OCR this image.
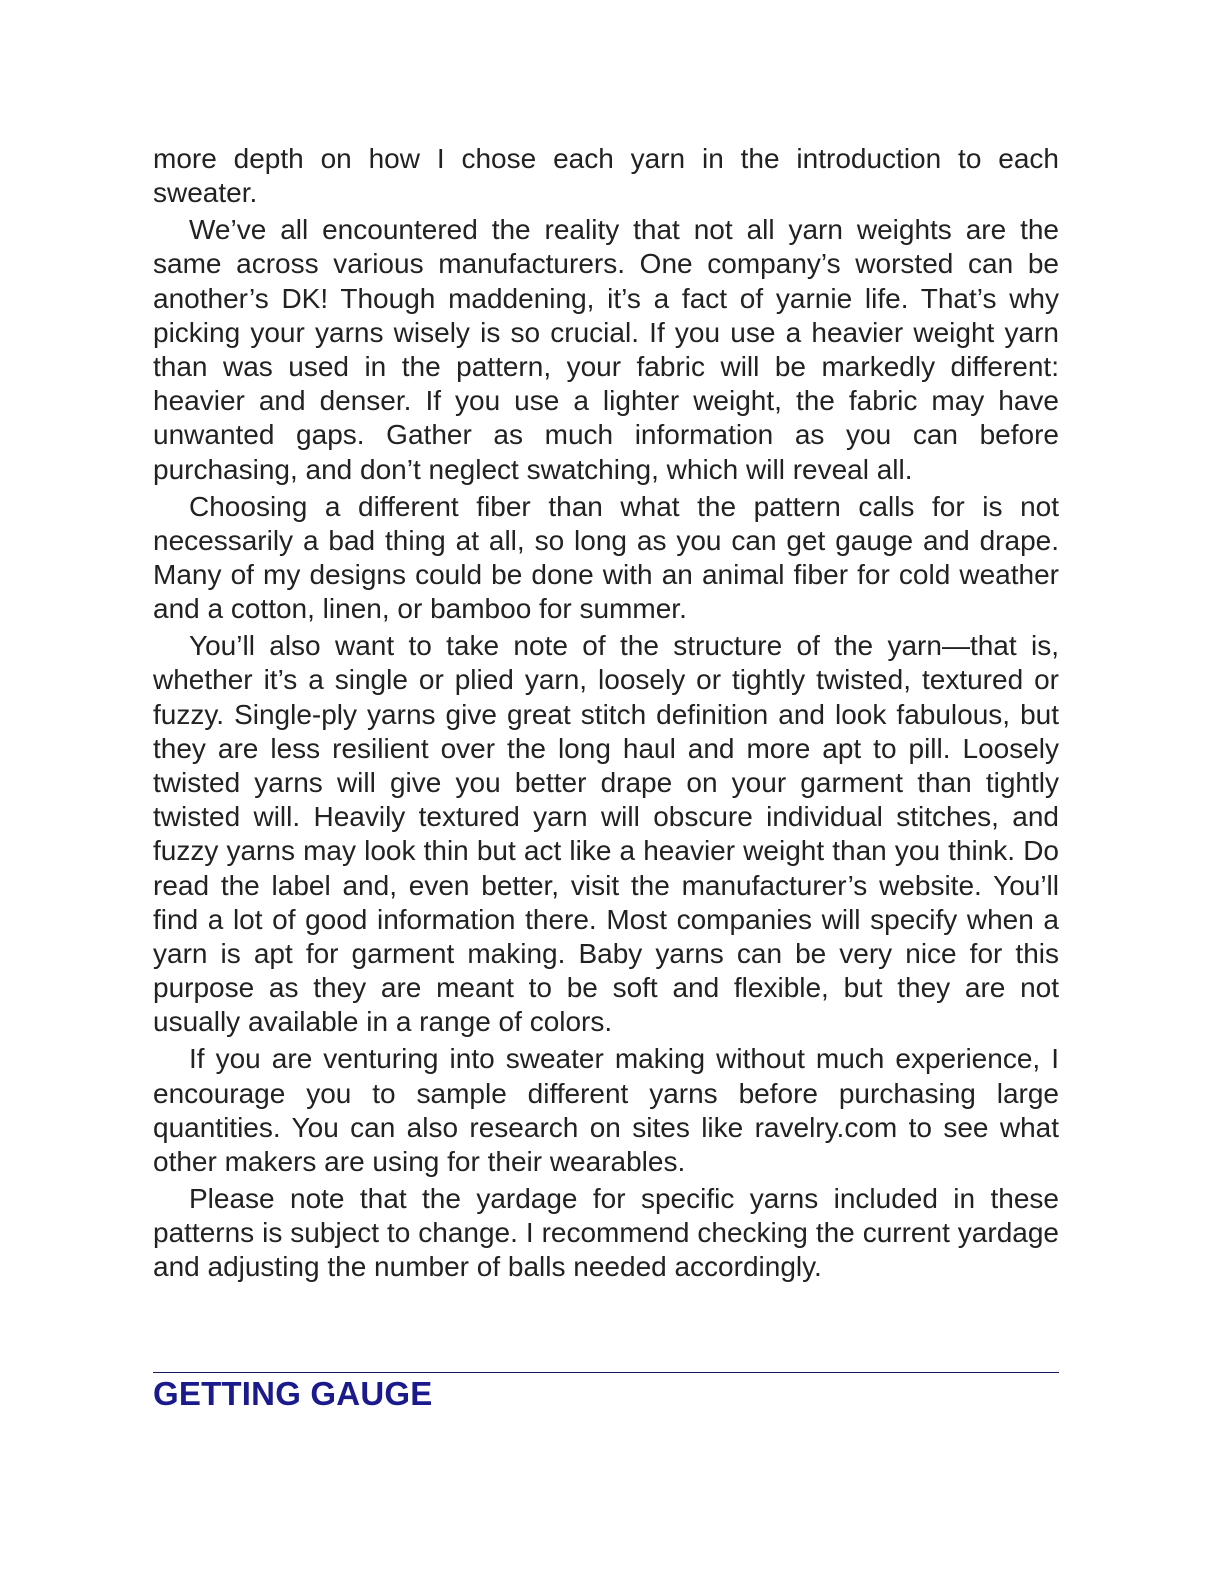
more depth on how I chose each yarn in the introduction to each sweater.

We’ve all encountered the reality that not all yarn weights are the same across various manufacturers. One company’s worsted can be another’s DK! Though maddening, it’s a fact of yarnie life. That’s why picking your yarns wisely is so crucial. If you use a heavier weight yarn than was used in the pattern, your fabric will be markedly different: heavier and denser. If you use a lighter weight, the fabric may have unwanted gaps. Gather as much information as you can before purchasing, and don’t neglect swatching, which will reveal all.

Choosing a different fiber than what the pattern calls for is not necessarily a bad thing at all, so long as you can get gauge and drape. Many of my designs could be done with an animal fiber for cold weather and a cotton, linen, or bamboo for summer.

You’ll also want to take note of the structure of the yarn—that is, whether it’s a single or plied yarn, loosely or tightly twisted, textured or fuzzy. Single-ply yarns give great stitch definition and look fabulous, but they are less resilient over the long haul and more apt to pill. Loosely twisted yarns will give you better drape on your garment than tightly twisted will. Heavily textured yarn will obscure individual stitches, and fuzzy yarns may look thin but act like a heavier weight than you think. Do read the label and, even better, visit the manufacturer’s website. You’ll find a lot of good information there. Most companies will specify when a yarn is apt for garment making. Baby yarns can be very nice for this purpose as they are meant to be soft and flexible, but they are not usually available in a range of colors.

If you are venturing into sweater making without much experience, I encourage you to sample different yarns before purchasing large quantities. You can also research on sites like ravelry.com to see what other makers are using for their wearables.

Please note that the yardage for specific yarns included in these patterns is subject to change. I recommend checking the current yardage and adjusting the number of balls needed accordingly.

GETTING GAUGE
